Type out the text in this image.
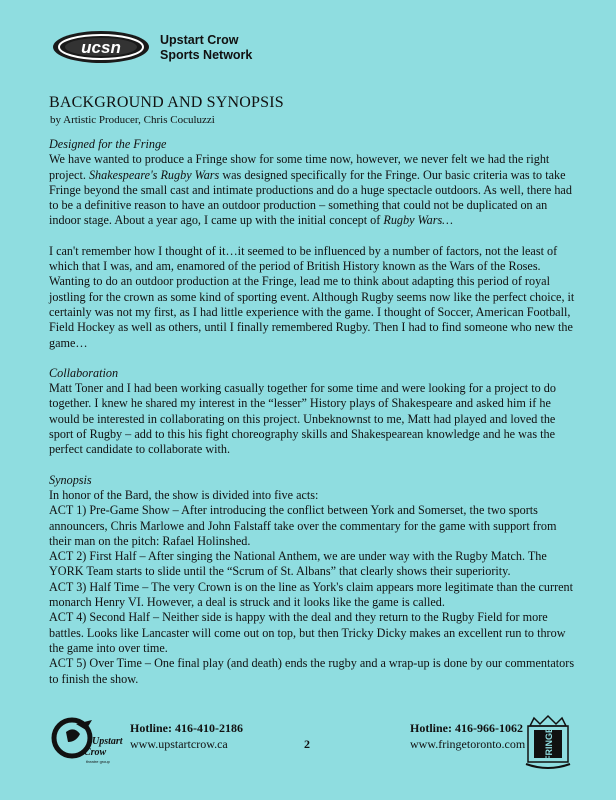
ucsn	Upstart Crow
Sports Network
BACKGROUND AND SYNOPSIS
by Artistic Producer, Chris Coculuzzi

Designed for the Fringe

We have wanted to produce a Fringe show for some time now, however, we never felt we had the right project. Shakespeare's Rugby Wars was designed specifically for the Fringe. Our basic criteria was to take Fringe beyond the small cast and intimate productions and do a huge spectacle outdoors. As well, there had to be a definitive reason to have an outdoor production – something that could not be duplicated on an indoor stage. About a year ago, I came up with the initial concept of Rugby Wars…

I can't remember how I thought of it…it seemed to be influenced by a number of factors, not the least of which that I was, and am, enamored of the period of British History known as the Wars of the Roses. Wanting to do an outdoor production at the Fringe, lead me to think about adapting this period of royal jostling for the crown as some kind of sporting event. Although Rugby seems now like the perfect choice, it certainly was not my first, as I had little experience with the game. I thought of Soccer, American Football, Field Hockey as well as others, until I finally remembered Rugby. Then I had to find someone who new the game…

Collaboration

Matt Toner and I had been working casually together for some time and were looking for a project to do together. I knew he shared my interest in the “lesser” History plays of Shakespeare and asked him if he would be interested in collaborating on this project. Unbeknownst to me, Matt had played and loved the sport of Rugby – add to this his fight choreography skills and Shakespearean knowledge and he was the perfect candidate to collaborate with.

Synopsis

In honor of the Bard, the show is divided into five acts:

ACT 1) Pre-Game Show – After introducing the conflict between York and Somerset, the two sports announcers, Chris Marlowe and John Falstaff take over the commentary for the game with support from their man on the pitch: Rafael Holinshed.

ACT 2) First Half – After singing the National Anthem, we are under way with the Rugby Match. The YORK Team starts to slide until the “Scrum of St. Albans” that clearly shows their superiority.

ACT 3) Half Time – The very Crown is on the line as York's claim appears more legitimate than the current monarch Henry VI. However, a deal is struck and it looks like the game is called.

ACT 4) Second Half – Neither side is happy with the deal and they return to the Rugby Field for more battles. Looks like Lancaster will come out on top, but then Tricky Dicky makes an excellent run to throw the game into over time.

ACT 5) Over Time – One final play (and death) ends the rugby and a wrap-up is done by our commentators to finish the show.

Upstart
Crow
theatre group
Hotline: 416-410-2186
www.upstartcrow.ca	2
Hotline: 416-966-1062
www.fringetoronto.com FRINGE
